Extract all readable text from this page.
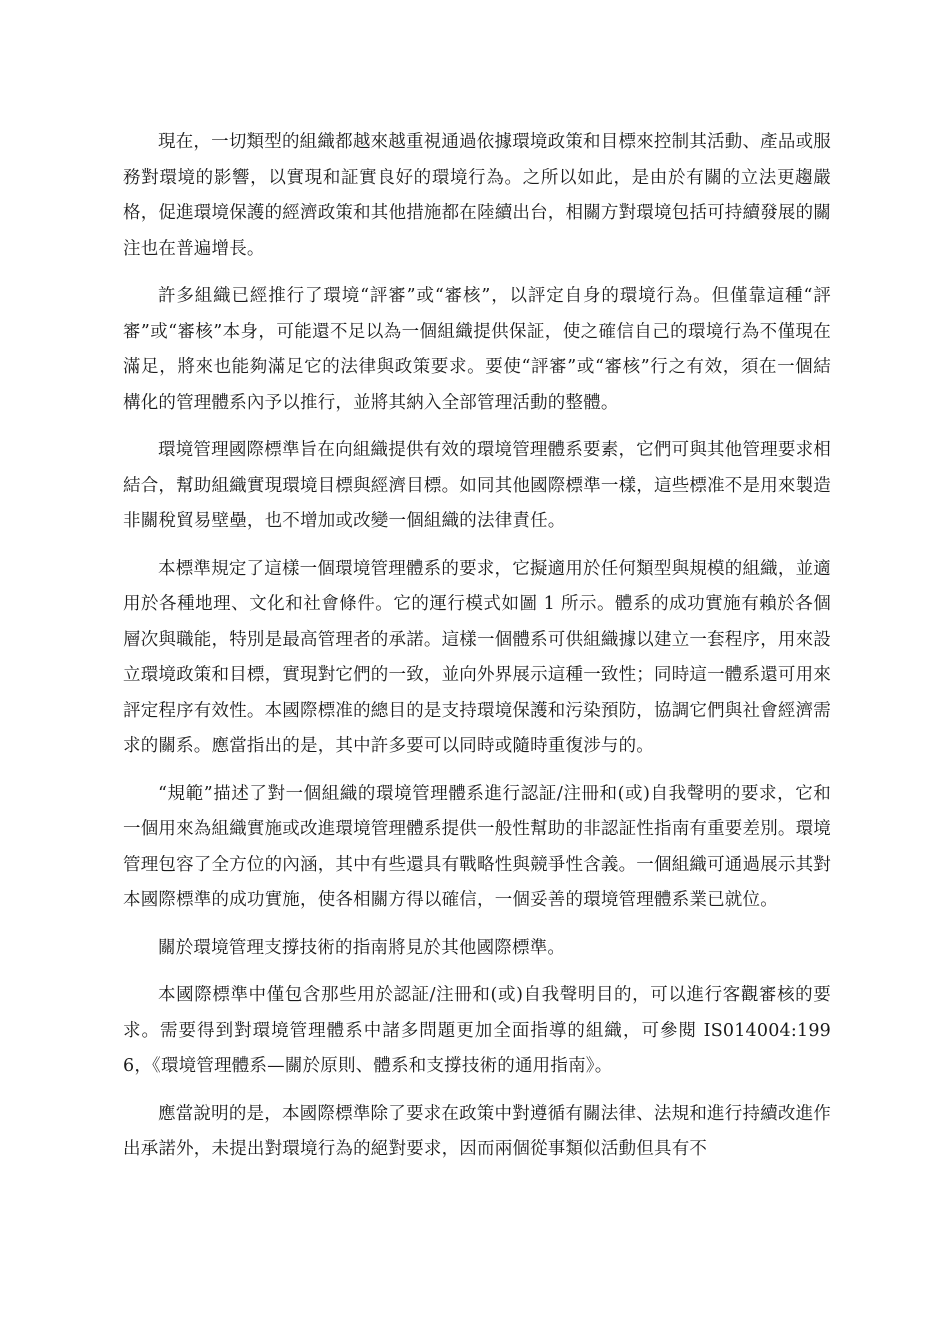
現在，一切類型的組織都越來越重視通過依據環境政策和目標來控制其活動、產品或服務對環境的影響，以實現和証實良好的環境行為。之所以如此，是由於有關的立法更趨嚴格，促進環境保護的經濟政策和其他措施都在陸續出台，相關方對環境包括可持續發展的關注也在普遍增長。

許多組織已經推行了環境“評審”或“審核”，以評定自身的環境行為。但僅靠這種“評審”或“審核”本身，可能還不足以為一個組織提供保証，使之確信自己的環境行為不僅現在滿足，將來也能夠滿足它的法律與政策要求。要使“評審”或“審核”行之有效，須在一個結構化的管理體系內予以推行，並將其納入全部管理活動的整體。

環境管理國際標準旨在向組織提供有效的環境管理體系要素，它們可與其他管理要求相結合，幫助組織實現環境目標與經濟目標。如同其他國際標準一樣，這些標准不是用來製造非關稅貿易壁壘，也不增加或改變一個組織的法律責任。

本標準規定了這樣一個環境管理體系的要求，它擬適用於任何類型與規模的組織，並適用於各種地理、文化和社會條件。它的運行模式如圖 1 所示。體系的成功實施有賴於各個層次與職能，特別是最高管理者的承諾。這樣一個體系可供組織據以建立一套程序，用來設立環境政策和目標，實現對它們的一致，並向外界展示這種一致性；同時這一體系還可用來評定程序有效性。本國際標准的總目的是支持環境保護和污染預防，協調它們與社會經濟需求的關系。應當指出的是，其中許多要可以同時或隨時重復涉与的。

“規範”描述了對一個組織的環境管理體系進行認証/注冊和(或)自我聲明的要求，它和一個用來為組織實施或改進環境管理體系提供一般性幫助的非認証性指南有重要差別。環境管理包容了全方位的內涵，其中有些還具有戰略性與競爭性含義。一個組織可通過展示其對本國際標準的成功實施，使各相關方得以確信，一個妥善的環境管理體系業已就位。

關於環境管理支撐技術的指南將見於其他國際標準。

本國際標準中僅包含那些用於認証/注冊和(或)自我聲明目的，可以進行客觀審核的要求。需要得到對環境管理體系中諸多問題更加全面指導的組織，可參閱 IS014004:1996，《環境管理體系—關於原則、體系和支撐技術的通用指南》。

應當說明的是，本國際標準除了要求在政策中對遵循有關法律、法規和進行持續改進作出承諾外，未提出對環境行為的絕對要求，因而兩個從事類似活動但具有不
